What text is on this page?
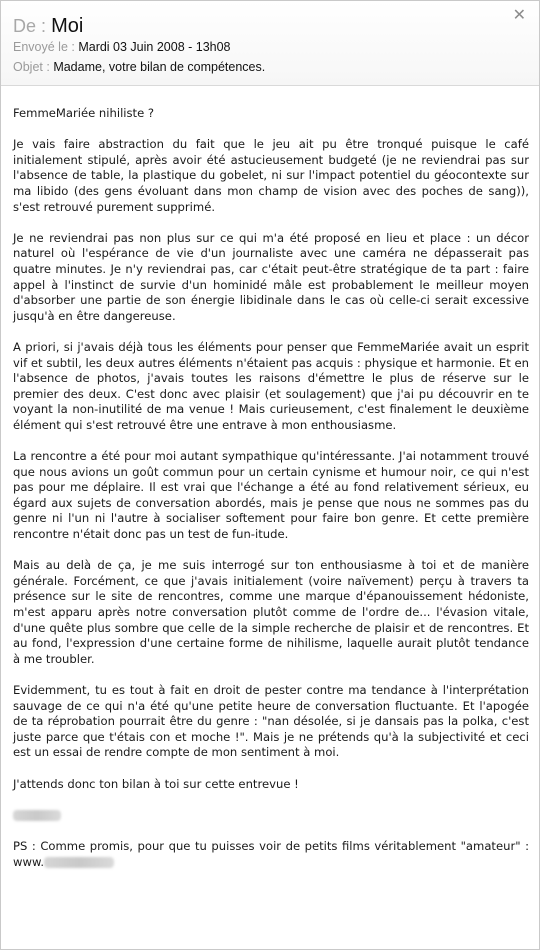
✕
De : Moi
Envoyé le : Mardi 03 Juin 2008 - 13h08
Objet : Madame, votre bilan de compétences.

FemmeMariée nihiliste ?

Je vais faire abstraction du fait que le jeu ait pu être tronqué puisque le café initialement stipulé, après avoir été astucieusement budgeté (je ne reviendrai pas sur l'absence de table, la plastique du gobelet, ni sur l'impact potentiel du géocontexte sur ma libido (des gens évoluant dans mon champ de vision avec des poches de sang)), s'est retrouvé purement supprimé.

Je ne reviendrai pas non plus sur ce qui m'a été proposé en lieu et place : un décor naturel où l'espérance de vie d'un journaliste avec une caméra ne dépasserait pas quatre minutes. Je n'y reviendrai pas, car c'était peut-être stratégique de ta part : faire appel à l'instinct de survie d'un hominidé mâle est probablement le meilleur moyen d'absorber une partie de son énergie libidinale dans le cas où celle-ci serait excessive jusqu'à en être dangereuse.

A priori, si j'avais déjà tous les éléments pour penser que FemmeMariée avait un esprit vif et subtil, les deux autres éléments n'étaient pas acquis : physique et harmonie. Et en l'absence de photos, j'avais toutes les raisons d'émettre le plus de réserve sur le premier des deux. C'est donc avec plaisir (et soulagement) que j'ai pu découvrir en te voyant la non-inutilité de ma venue ! Mais curieusement, c'est finalement le deuxième élément qui s'est retrouvé être une entrave à mon enthousiasme.

La rencontre a été pour moi autant sympathique qu'intéressante. J'ai notamment trouvé que nous avions un goût commun pour un certain cynisme et humour noir, ce qui n'est pas pour me déplaire. Il est vrai que l'échange a été au fond relativement sérieux, eu égard aux sujets de conversation abordés, mais je pense que nous ne sommes pas du genre ni l'un ni l'autre à socialiser softement pour faire bon genre. Et cette première rencontre n'était donc pas un test de fun-itude.

Mais au delà de ça, je me suis interrogé sur ton enthousiasme à toi et de manière générale. Forcément, ce que j'avais initialement (voire naïvement) perçu à travers ta présence sur le site de rencontres, comme une marque d'épanouissement hédoniste, m'est apparu après notre conversation plutôt comme de l'ordre de... l'évasion vitale, d'une quête plus sombre que celle de la simple recherche de plaisir et de rencontres. Et au fond, l'expression d'une certaine forme de nihilisme, laquelle aurait plutôt tendance à me troubler.

Evidemment, tu es tout à fait en droit de pester contre ma tendance à l'interprétation sauvage de ce qui n'a été qu'une petite heure de conversation fluctuante. Et l'apogée de ta réprobation pourrait être du genre : "nan désolée, si je dansais pas la polka, c'est juste parce que t'étais con et moche !". Mais je ne prétends qu'à la subjectivité et ceci est un essai de rendre compte de mon sentiment à moi.

J'attends donc ton bilan à toi sur cette entrevue !

PS : Comme promis, pour que tu puisses voir de petits films véritablement "amateur" : www.
